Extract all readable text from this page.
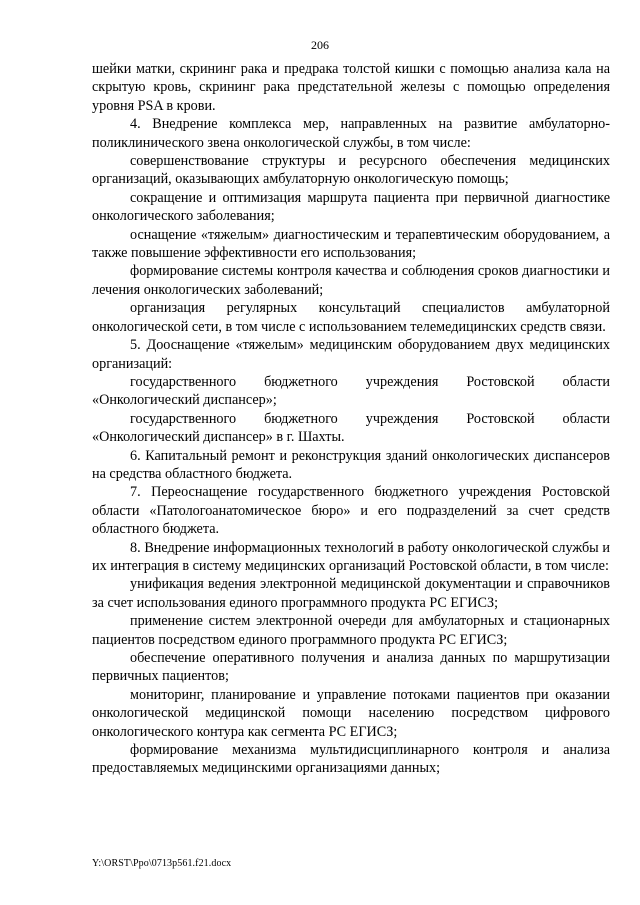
206

шейки матки, скрининг рака и предрака толстой кишки с помощью анализа кала на скрытую кровь, скрининг рака предстательной железы с помощью определения уровня PSA в крови.

4. Внедрение комплекса мер, направленных на развитие амбулаторно-поликлинического звена онкологической службы, в том числе:

совершенствование структуры и ресурсного обеспечения медицинских организаций, оказывающих амбулаторную онкологическую помощь;

сокращение и оптимизация маршрута пациента при первичной диагностике онкологического заболевания;

оснащение «тяжелым» диагностическим и терапевтическим оборудованием, а также повышение эффективности его использования;

формирование системы контроля качества и соблюдения сроков диагностики и лечения онкологических заболеваний;

организация регулярных консультаций специалистов амбулаторной онкологической сети, в том числе с использованием телемедицинских средств связи.

5. Дооснащение «тяжелым» медицинским оборудованием двух медицинских организаций:

государственного бюджетного учреждения Ростовской области «Онкологический диспансер»;

государственного бюджетного учреждения Ростовской области «Онкологический диспансер» в г. Шахты.

6. Капитальный ремонт и реконструкция зданий онкологических диспансеров на средства областного бюджета.

7. Переоснащение государственного бюджетного учреждения Ростовской области «Патологоанатомическое бюро» и его подразделений за счет средств областного бюджета.

8. Внедрение информационных технологий в работу онкологической службы и их интеграция в систему медицинских организаций Ростовской области, в том числе:

унификация ведения электронной медицинской документации и справочников за счет использования единого программного продукта РС ЕГИСЗ;

применение систем электронной очереди для амбулаторных и стационарных пациентов посредством единого программного продукта РС ЕГИСЗ;

обеспечение оперативного получения и анализа данных по маршрутизации первичных пациентов;

мониторинг, планирование и управление потоками пациентов при оказании онкологической медицинской помощи населению посредством цифрового онкологического контура как сегмента РС ЕГИСЗ;

формирование механизма мультидисциплинарного контроля и анализа предоставляемых медицинскими организациями данных;

Y:\ORST\Ppo\0713p561.f21.docx
